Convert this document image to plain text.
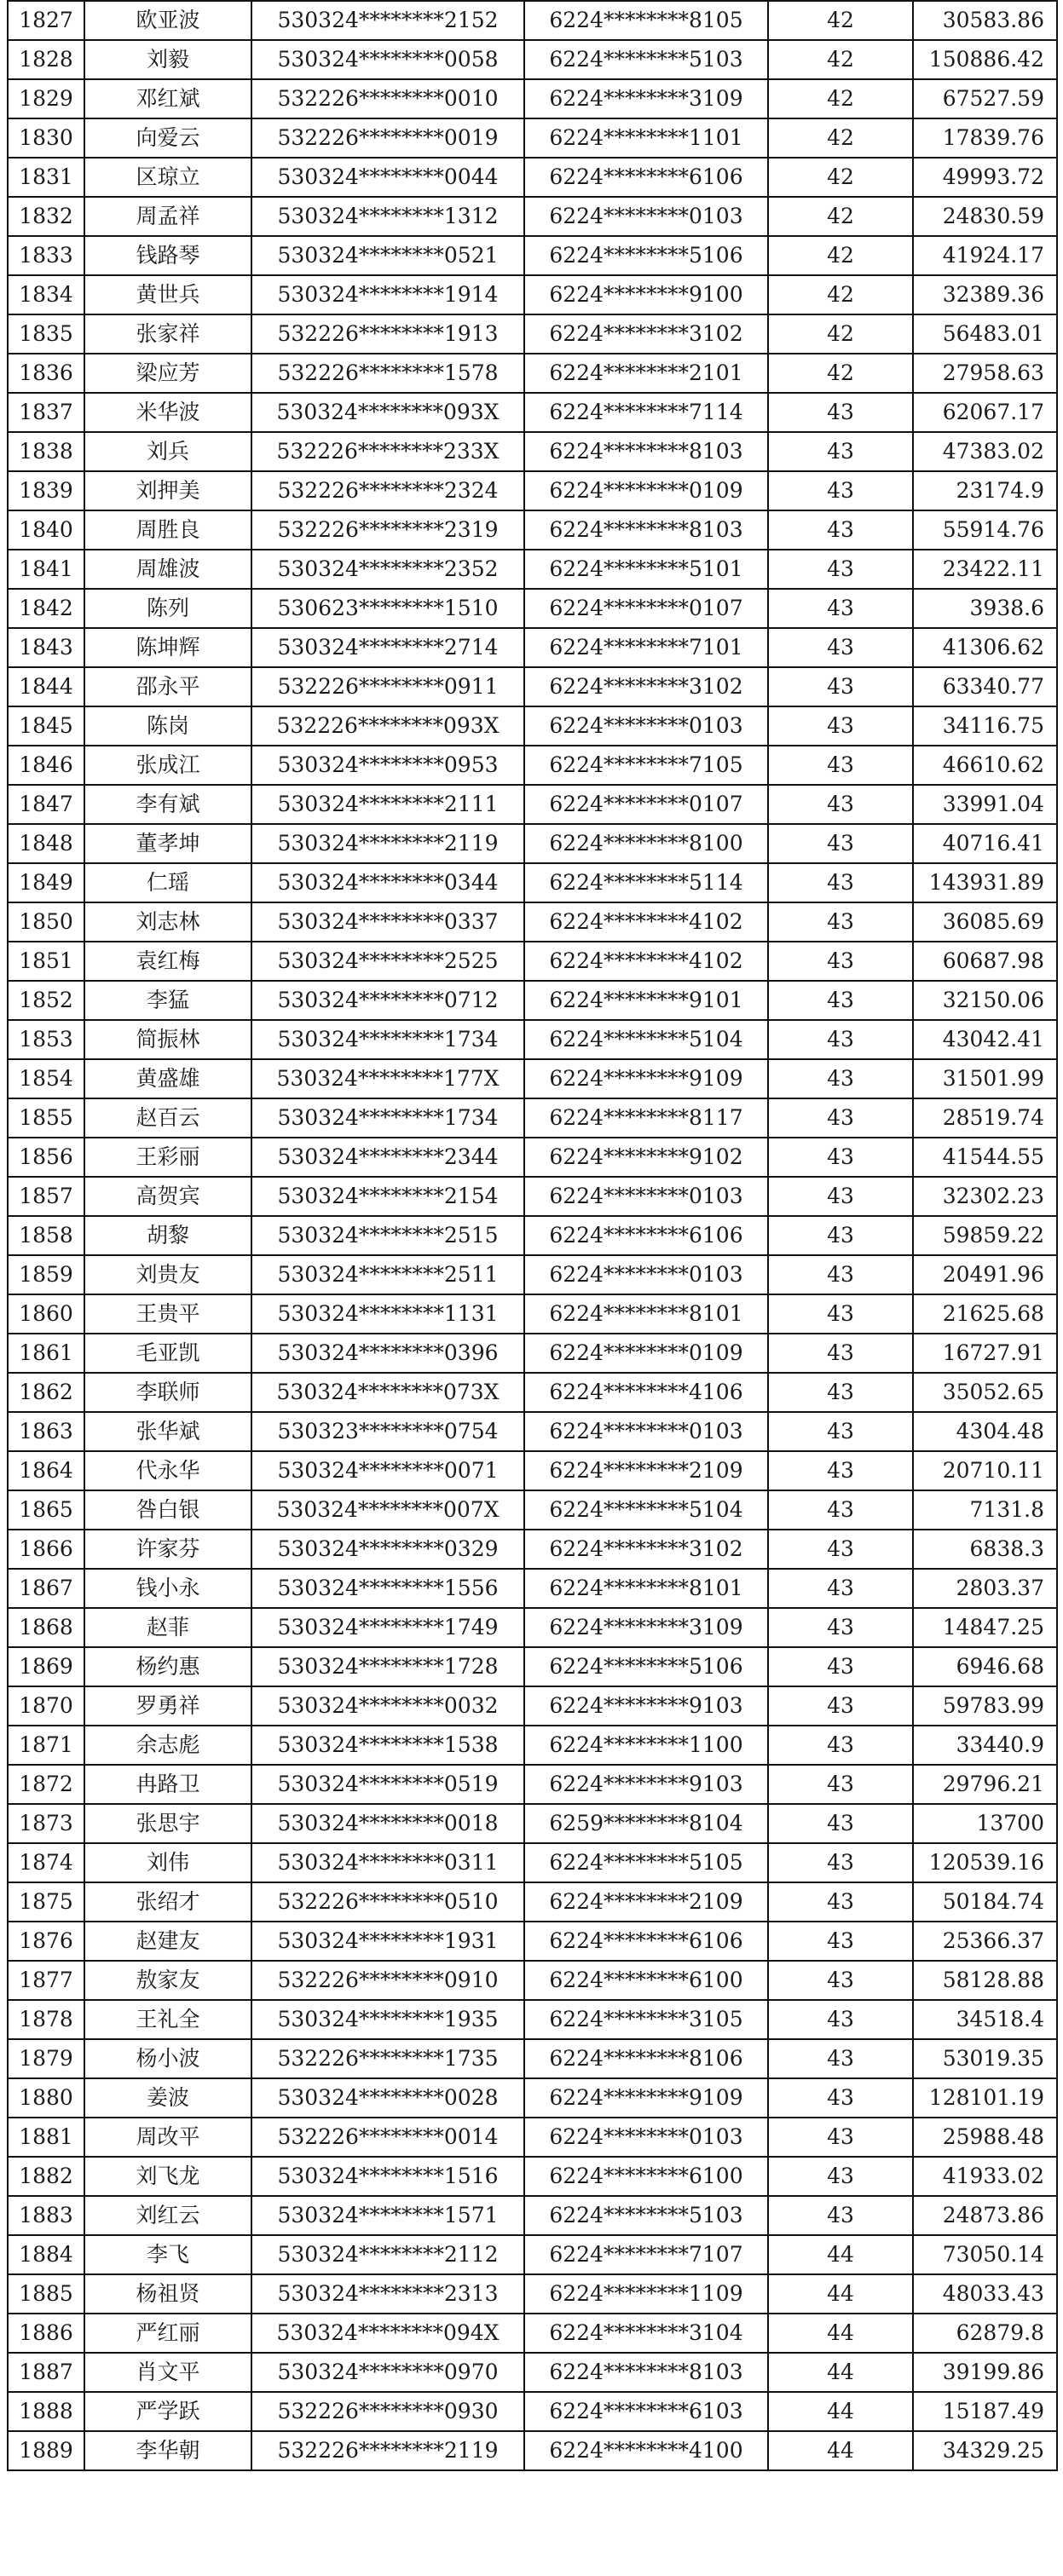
1827	欧亚波	530324********2152	6224********8105	42	30583.86
1828	刘毅	530324********0058	6224********5103	42	150886.42
1829	邓红斌	532226********0010	6224********3109	42	67527.59
1830	向爱云	532226********0019	6224********1101	42	17839.76
1831	区琼立	530324********0044	6224********6106	42	49993.72
1832	周孟祥	530324********1312	6224********0103	42	24830.59
1833	钱路琴	530324********0521	6224********5106	42	41924.17
1834	黄世兵	530324********1914	6224********9100	42	32389.36
1835	张家祥	532226********1913	6224********3102	42	56483.01
1836	梁应芳	532226********1578	6224********2101	42	27958.63
1837	米华波	530324********093X	6224********7114	43	62067.17
1838	刘兵	532226********233X	6224********8103	43	47383.02
1839	刘押美	532226********2324	6224********0109	43	23174.9
1840	周胜良	532226********2319	6224********8103	43	55914.76
1841	周雄波	530324********2352	6224********5101	43	23422.11
1842	陈列	530623********1510	6224********0107	43	3938.6
1843	陈坤辉	530324********2714	6224********7101	43	41306.62
1844	邵永平	532226********0911	6224********3102	43	63340.77
1845	陈岗	532226********093X	6224********0103	43	34116.75
1846	张成江	530324********0953	6224********7105	43	46610.62
1847	李有斌	530324********2111	6224********0107	43	33991.04
1848	董孝坤	530324********2119	6224********8100	43	40716.41
1849	仁瑶	530324********0344	6224********5114	43	143931.89
1850	刘志林	530324********0337	6224********4102	43	36085.69
1851	袁红梅	530324********2525	6224********4102	43	60687.98
1852	李猛	530324********0712	6224********9101	43	32150.06
1853	简振林	530324********1734	6224********5104	43	43042.41
1854	黄盛雄	530324********177X	6224********9109	43	31501.99
1855	赵百云	530324********1734	6224********8117	43	28519.74
1856	王彩丽	530324********2344	6224********9102	43	41544.55
1857	高贺宾	530324********2154	6224********0103	43	32302.23
1858	胡黎	530324********2515	6224********6106	43	59859.22
1859	刘贵友	530324********2511	6224********0103	43	20491.96
1860	王贵平	530324********1131	6224********8101	43	21625.68
1861	毛亚凯	530324********0396	6224********0109	43	16727.91
1862	李联师	530324********073X	6224********4106	43	35052.65
1863	张华斌	530323********0754	6224********0103	43	4304.48
1864	代永华	530324********0071	6224********2109	43	20710.11
1865	咎白银	530324********007X	6224********5104	43	7131.8
1866	许家芬	530324********0329	6224********3102	43	6838.3
1867	钱小永	530324********1556	6224********8101	43	2803.37
1868	赵菲	530324********1749	6224********3109	43	14847.25
1869	杨约惠	530324********1728	6224********5106	43	6946.68
1870	罗勇祥	530324********0032	6224********9103	43	59783.99
1871	余志彪	530324********1538	6224********1100	43	33440.9
1872	冉路卫	530324********0519	6224********9103	43	29796.21
1873	张思宇	530324********0018	6259********8104	43	13700
1874	刘伟	530324********0311	6224********5105	43	120539.16
1875	张绍才	532226********0510	6224********2109	43	50184.74
1876	赵建友	530324********1931	6224********6106	43	25366.37
1877	敖家友	532226********0910	6224********6100	43	58128.88
1878	王礼全	530324********1935	6224********3105	43	34518.4
1879	杨小波	532226********1735	6224********8106	43	53019.35
1880	姜波	530324********0028	6224********9109	43	128101.19
1881	周改平	532226********0014	6224********0103	43	25988.48
1882	刘飞龙	530324********1516	6224********6100	43	41933.02
1883	刘红云	530324********1571	6224********5103	43	24873.86
1884	李飞	530324********2112	6224********7107	44	73050.14
1885	杨祖贤	530324********2313	6224********1109	44	48033.43
1886	严红丽	530324********094X	6224********3104	44	62879.8
1887	肖文平	530324********0970	6224********8103	44	39199.86
1888	严学跃	532226********0930	6224********6103	44	15187.49
1889	李华朝	532226********2119	6224********4100	44	34329.25
